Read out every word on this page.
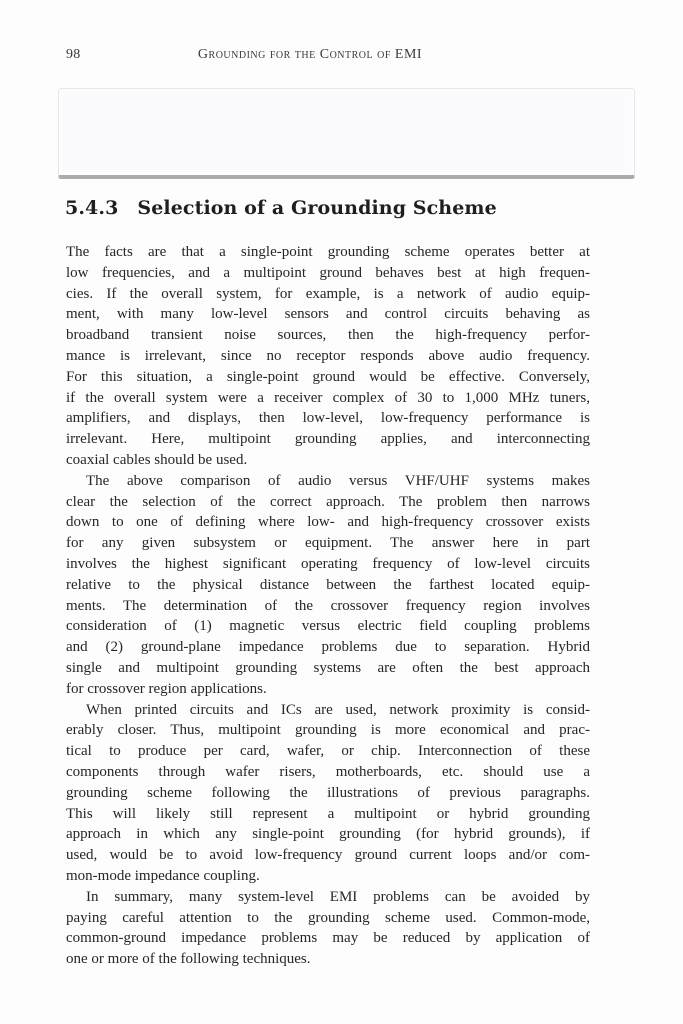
98	Grounding for the Control of EMI
5.4.3 Selection of a Grounding Scheme
The facts are that a single-point grounding scheme operates better at
low frequencies, and a multipoint ground behaves best at high frequen-
cies. If the overall system, for example, is a network of audio equip-
ment, with many low-level sensors and control circuits behaving as
broadband transient noise sources, then the high-frequency perfor-
mance is irrelevant, since no receptor responds above audio frequency.
For this situation, a single-point ground would be effective. Conversely,
if the overall system were a receiver complex of 30 to 1,000 MHz tuners,
amplifiers, and displays, then low-level, low-frequency performance is
irrelevant. Here, multipoint grounding applies, and interconnecting
coaxial cables should be used.
The above comparison of audio versus VHF/UHF systems makes
clear the selection of the correct approach. The problem then narrows
down to one of defining where low- and high-frequency crossover exists
for any given subsystem or equipment. The answer here in part
involves the highest significant operating frequency of low-level circuits
relative to the physical distance between the farthest located equip-
ments. The determination of the crossover frequency region involves
consideration of (1) magnetic versus electric field coupling problems
and (2) ground-plane impedance problems due to separation. Hybrid
single and multipoint grounding systems are often the best approach
for crossover region applications.
When printed circuits and ICs are used, network proximity is consid-
erably closer. Thus, multipoint grounding is more economical and prac-
tical to produce per card, wafer, or chip. Interconnection of these
components through wafer risers, motherboards, etc. should use a
grounding scheme following the illustrations of previous paragraphs.
This will likely still represent a multipoint or hybrid grounding
approach in which any single-point grounding (for hybrid grounds), if
used, would be to avoid low-frequency ground current loops and/or com-
mon-mode impedance coupling.
In summary, many system-level EMI problems can be avoided by
paying careful attention to the grounding scheme used. Common-mode,
common-ground impedance problems may be reduced by application of
one or more of the following techniques.
